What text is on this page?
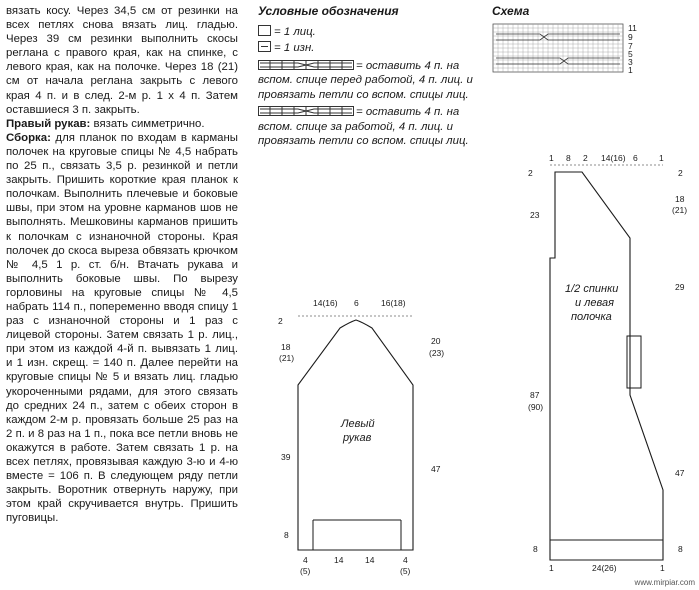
вязать косу. Через 34,5 см от резинки на всех петлях снова вязать лиц. гладью. Через 39 см резинки выполнить скосы реглана с правого края, как на спинке, с левого края, как на полочке. Через 18 (21) см от начала реглана закрыть с левого края 4 п. и в след. 2-м р. 1 х 4 п. Затем оставшиеся 3 п. закрыть.

Правый рукав: вязать симметрично.

Сборка: для планок по входам в карманы полочек на круговые спицы № 4,5 набрать по 25 п., связать 3,5 р. резинкой и петли закрыть. Пришить короткие края планок к полочкам. Выполнить плечевые и боковые швы, при этом на уровне карманов шов не выполнять. Мешковины карманов пришить к полочкам с изнаночной стороны. Края полочек до скоса выреза обвязать крючком № 4,5 1 р. ст. б/н. Втачать рукава и выполнить боковые швы. По вырезу горловины на круговые спицы № 4,5 набрать 114 п., попеременно вводя спицу 1 раз с изнаночной стороны и 1 раз с лицевой стороны. Затем связать 1 р. лиц., при этом из каждой 4-й п. вывязать 1 лиц. и 1 изн. скрещ. = 140 п. Далее перейти на круговые спицы № 5 и вязать лиц. гладью укороченными рядами, для этого связать до средних 24 п., затем с обеих сторон в каждом 2-м р. провязать больше 25 раз на 2 п. и 8 раз на 1 п., пока все петли вновь не окажутся в работе. Затем связать 1 р. на всех петлях, провязывая каждую 3-ю и 4-ю вместе = 106 п. В следующем ряду петли закрыть. Воротник отвернуть наружу, при этом край скручивается внутрь. Пришить пуговицы.

Условные обозначения
= 1 лиц.
= 1 изн.
= оставить 4 п. на вспом. спице перед работой, 4 п. лиц. и провязать петли со вспом. спицы лиц.
= оставить 4 п. на вспом. спице за работой, 4 п. лиц. и провязать петли со вспом. спицы лиц.
Схема
11
9
7
5
3
1
14(16) 6	16(18)
2
18
(21)
39
8
20
(23)
47
4	14	14	4
(5)	(5)
Левый
рукав
1 8 2 14(16) 6	1
2
23
87
(90)
8
2
18
(21)
29
47
8
1	24(26)	1
1/2 спинки
и левая
полочка
www.mirpiar.com
